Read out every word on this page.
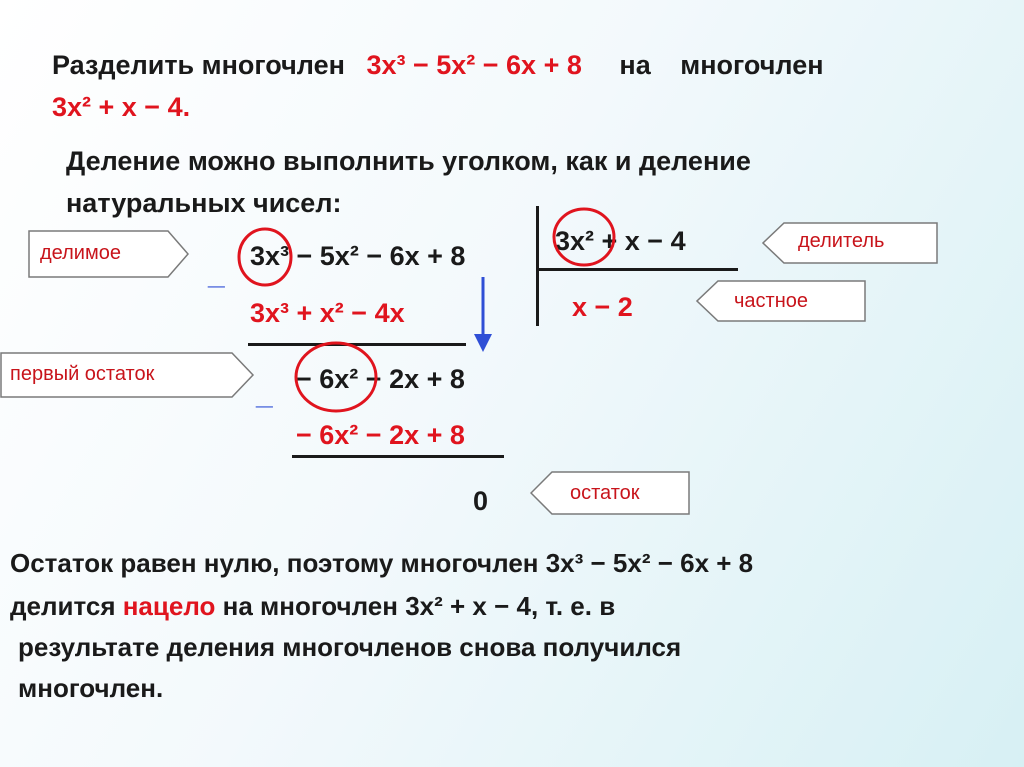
Разделить многочлен 3x³ − 5x² − 6x + 8 на многочлен
3x² + x − 4.
Деление можно выполнить уголком, как и деление
натуральных чисел:
3x³ − 5x² − 6x + 8
3x³ + x² − 4x
− 6x² − 2x + 8
− 6x² − 2x + 8
0
3x² + x − 4
x − 2
_
_
делимое
первый остаток
делитель
частное
остаток
Остаток равен нулю, поэтому многочлен 3x³ − 5x² − 6x + 8
делится нацело на многочлен 3x² + x − 4, т. е. в
результате деления многочленов снова получился
многочлен.
